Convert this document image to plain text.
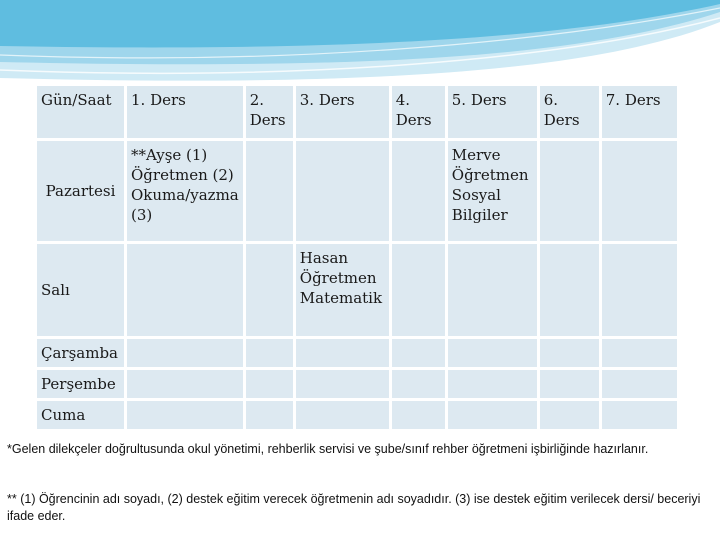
Gün/Saat	1. Ders	2. Ders	3. Ders	4. Ders	5. Ders	6. Ders	7. Ders
Pazartesi	**Ayşe (1) Öğretmen (2) Okuma/yazma (3)				Merve Öğretmen Sosyal Bilgiler		
Salı			Hasan Öğretmen Matematik				
Çarşamba							
Perşembe							
Cuma							
*Gelen dilekçeler doğrultusunda okul yönetimi, rehberlik servisi ve şube/sınıf rehber öğretmeni işbirliğinde hazırlanır.
** (1) Öğrencinin adı soyadı, (2) destek eğitim verecek öğretmenin adı soyadıdır. (3) ise destek eğitim verilecek dersi/ beceriyi ifade eder.
